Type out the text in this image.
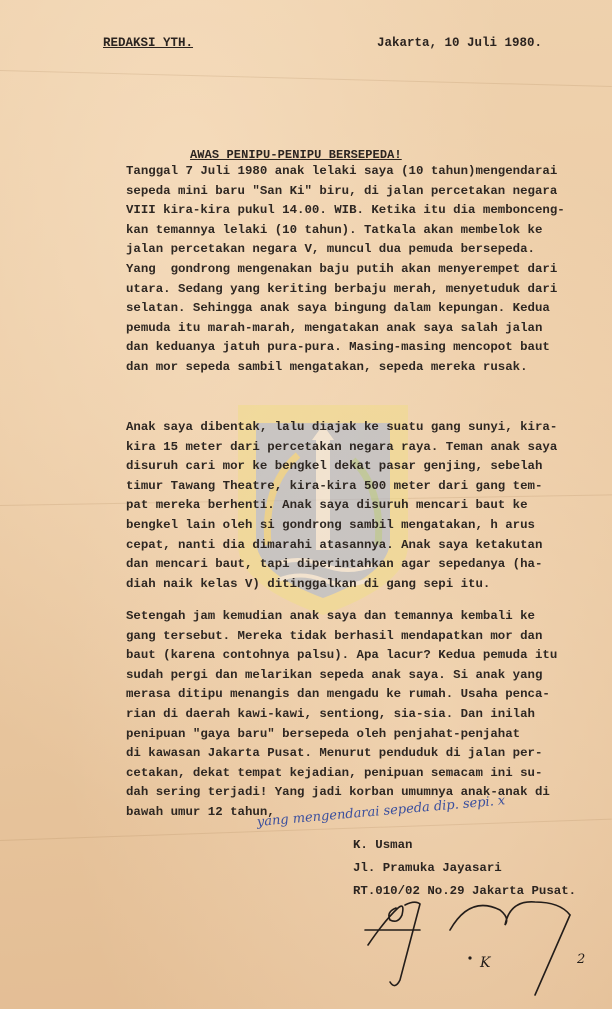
REDAKSI YTH.	Jakarta, 10 Juli 1980.
AWAS PENIPU-PENIPU BERSEPEDA!
Tanggal 7 Juli 1980 anak lelaki saya (10 tahun)mengendarai
sepeda mini baru "San Ki" biru, di jalan percetakan negara
VIII kira-kira pukul 14.00. WIB. Ketika itu dia membonceng-
kan temannya lelaki (10 tahun). Tatkala akan membelok ke
jalan percetakan negara V, muncul dua pemuda bersepeda.
Yang  gondrong mengenakan baju putih akan menyerempet dari
utara. Sedang yang keriting berbaju merah, menyetuduk dari
selatan. Sehingga anak saya bingung dalam kepungan. Kedua
pemuda itu marah-marah, mengatakan anak saya salah jalan
dan keduanya jatuh pura-pura. Masing-masing mencopot baut
dan mor sepeda sambil mengatakan, sepeda mereka rusak.
Anak saya dibentak, lalu diajak ke suatu gang sunyi, kira-
kira 15 meter dari percetakan negara raya. Teman anak saya
disuruh cari mor ke bengkel dekat pasar genjing, sebelah
timur Tawang Theatre, kira-kira 500 meter dari gang tem-
pat mereka berhenti. Anak saya disuruh mencari baut ke
bengkel lain oleh si gondrong sambil mengatakan, h arus
cepat, nanti dia dimarahi atasannya. Anak saya ketakutan
dan mencari baut, tapi diperintahkan agar sepedanya (ha-
diah naik kelas V) ditinggalkan di gang sepi itu.
Setengah jam kemudian anak saya dan temannya kembali ke
gang tersebut. Mereka tidak berhasil mendapatkan mor dan
baut (karena contohnya palsu). Apa lacur? Kedua pemuda itu
sudah pergi dan melarikan sepeda anak saya. Si anak yang
merasa ditipu menangis dan mengadu ke rumah. Usaha penca-
rian di daerah kawi-kawi, sentiong, sia-sia. Dan inilah
penipuan "gaya baru" bersepeda oleh penjahat-penjahat
di kawasan Jakarta Pusat. Menurut penduduk di jalan per-
cetakan, dekat tempat kejadian, penipuan semacam ini su-
dah sering terjadi! Yang jadi korban umumnya anak-anak di
bawah umur 12 tahun,
yang mengendarai sepeda dip. sepi. x
K. Usman
Jl. Pramuka Jayasari
RT.010/02 No.29 Jakarta Pusat.
K	2
